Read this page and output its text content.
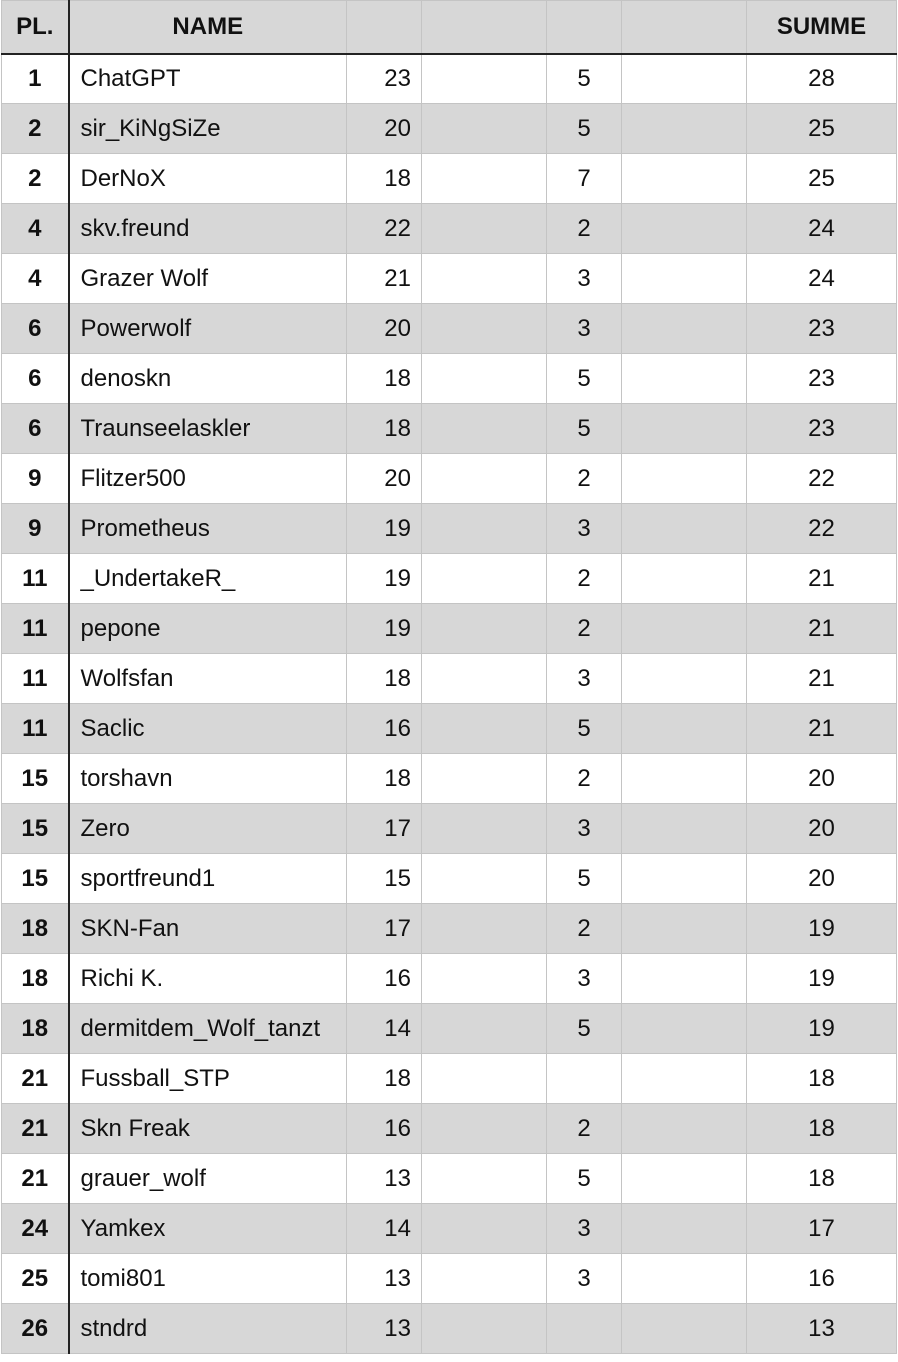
PL.	NAME					SUMME
1	ChatGPT	23		5		28
2	sir_KiNgSiZe	20		5		25
2	DerNoX	18		7		25
4	skv.freund	22		2		24
4	Grazer Wolf	21		3		24
6	Powerwolf	20		3		23
6	denoskn	18		5		23
6	Traunseelaskler	18		5		23
9	Flitzer500	20		2		22
9	Prometheus	19		3		22
11	_UndertakeR_	19		2		21
11	pepone	19		2		21
11	Wolfsfan	18		3		21
11	Saclic	16		5		21
15	torshavn	18		2		20
15	Zero	17		3		20
15	sportfreund1	15		5		20
18	SKN-Fan	17		2		19
18	Richi K.	16		3		19
18	dermitdem_Wolf_tanzt	14		5		19
21	Fussball_STP	18				18
21	Skn Freak	16		2		18
21	grauer_wolf	13		5		18
24	Yamkex	14		3		17
25	tomi801	13		3		16
26	stndrd	13				13
